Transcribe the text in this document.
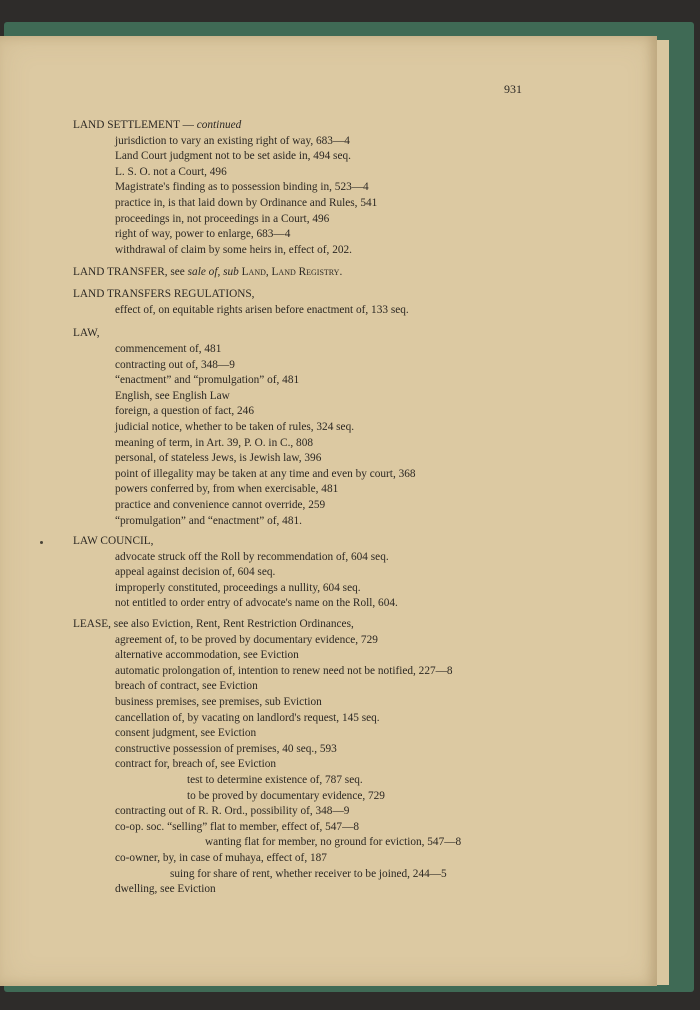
931
LAND SETTLEMENT — continued
jurisdiction to vary an existing right of way, 683—4
Land Court judgment not to be set aside in, 494 seq.
L. S. O. not a Court, 496
Magistrate's finding as to possession binding in, 523—4
practice in, is that laid down by Ordinance and Rules, 541
proceedings in, not proceedings in a Court, 496
right of way, power to enlarge, 683—4
withdrawal of claim by some heirs in, effect of, 202.
LAND TRANSFER, see sale of, sub Land, Land Registry.
LAND TRANSFERS REGULATIONS,
effect of, on equitable rights arisen before enactment of, 133 seq.
LAW,
commencement of, 481
contracting out of, 348—9
“enactment” and “promulgation” of, 481
English, see English Law
foreign, a question of fact, 246
judicial notice, whether to be taken of rules, 324 seq.
meaning of term, in Art. 39, P. O. in C., 808
personal, of stateless Jews, is Jewish law, 396
point of illegality may be taken at any time and even by court, 368
powers conferred by, from when exercisable, 481
practice and convenience cannot override, 259
“promulgation” and “enactment” of, 481.
LAW COUNCIL,
advocate struck off the Roll by recommendation of, 604 seq.
appeal against decision of, 604 seq.
improperly constituted, proceedings a nullity, 604 seq.
not entitled to order entry of advocate's name on the Roll, 604.
LEASE, see also Eviction, Rent, Rent Restriction Ordinances,
agreement of, to be proved by documentary evidence, 729
alternative accommodation, see Eviction
automatic prolongation of, intention to renew need not be notified, 227—8
breach of contract, see Eviction
business premises, see premises, sub Eviction
cancellation of, by vacating on landlord's request, 145 seq.
consent judgment, see Eviction
constructive possession of premises, 40 seq., 593
contract for, breach of, see Eviction
test to determine existence of, 787 seq.
to be proved by documentary evidence, 729
contracting out of R. R. Ord., possibility of, 348—9
co-op. soc. “selling” flat to member, effect of, 547—8
wanting flat for member, no ground for eviction, 547—8
co-owner, by, in case of muhaya, effect of, 187
suing for share of rent, whether receiver to be joined, 244—5
dwelling, see Eviction
